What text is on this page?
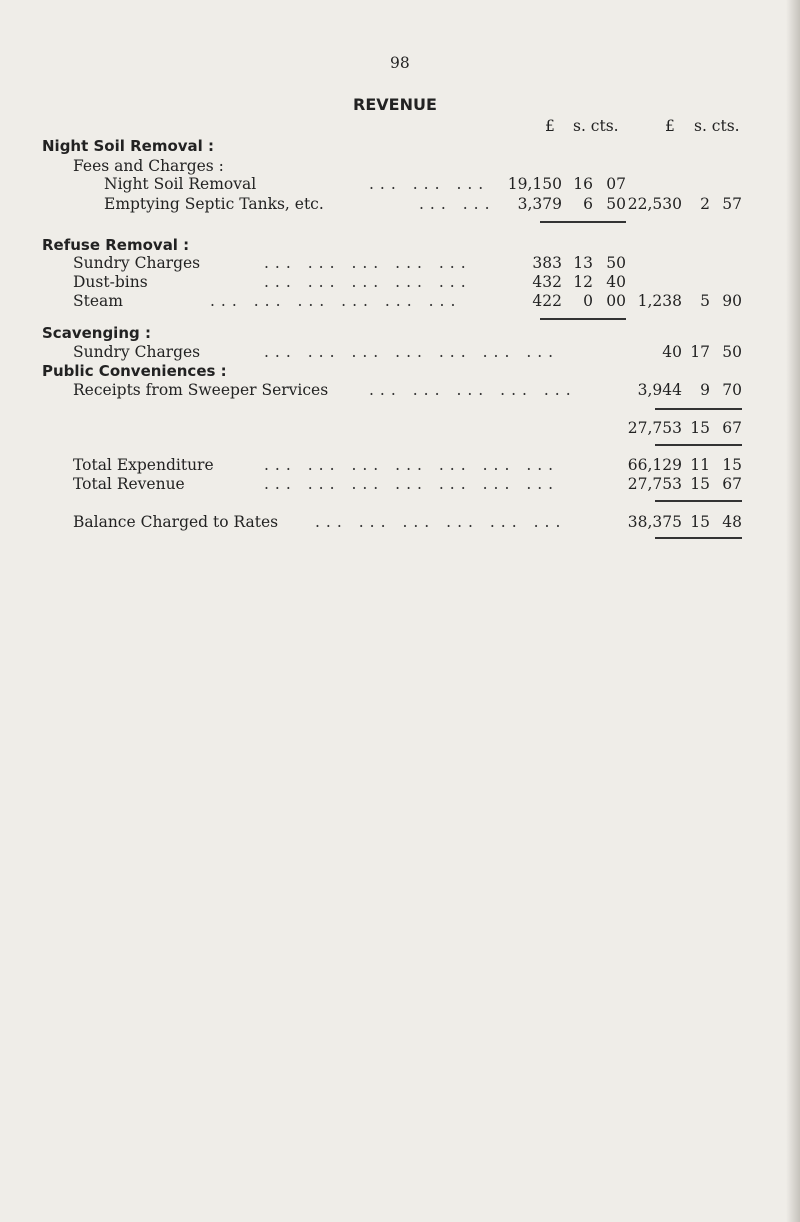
98
REVENUE
£ s. cts.	£ s. cts.
Night Soil Removal :
Fees and Charges :
Night Soil Removal	... ... ...	19,150 16 07
Emptying Septic Tanks, etc.	... ...	3,379	6 50 22,530	2 57
Refuse Removal :
Sundry Charges	... ... ... ... ...	383 13 50
Dust-bins	... ... ... ... ...	432 12 40
Steam	... ... ... ... ... ...	422	0 00 1,238	5 90
Scavenging :
Sundry Charges	... ... ... ... ... ... ...	40 17 50
Public Conveniences :
Receipts from Sweeper Services	... ... ... ... ...	3,944	9 70
27,753 15 67
Total Expenditure	... ... ... ... ... ... ...	66,129 11 15
Total Revenue	... ... ... ... ... ... ...	27,753 15 67
Balance Charged to Rates ... ... ... ... ... ...	38,375 15 48
